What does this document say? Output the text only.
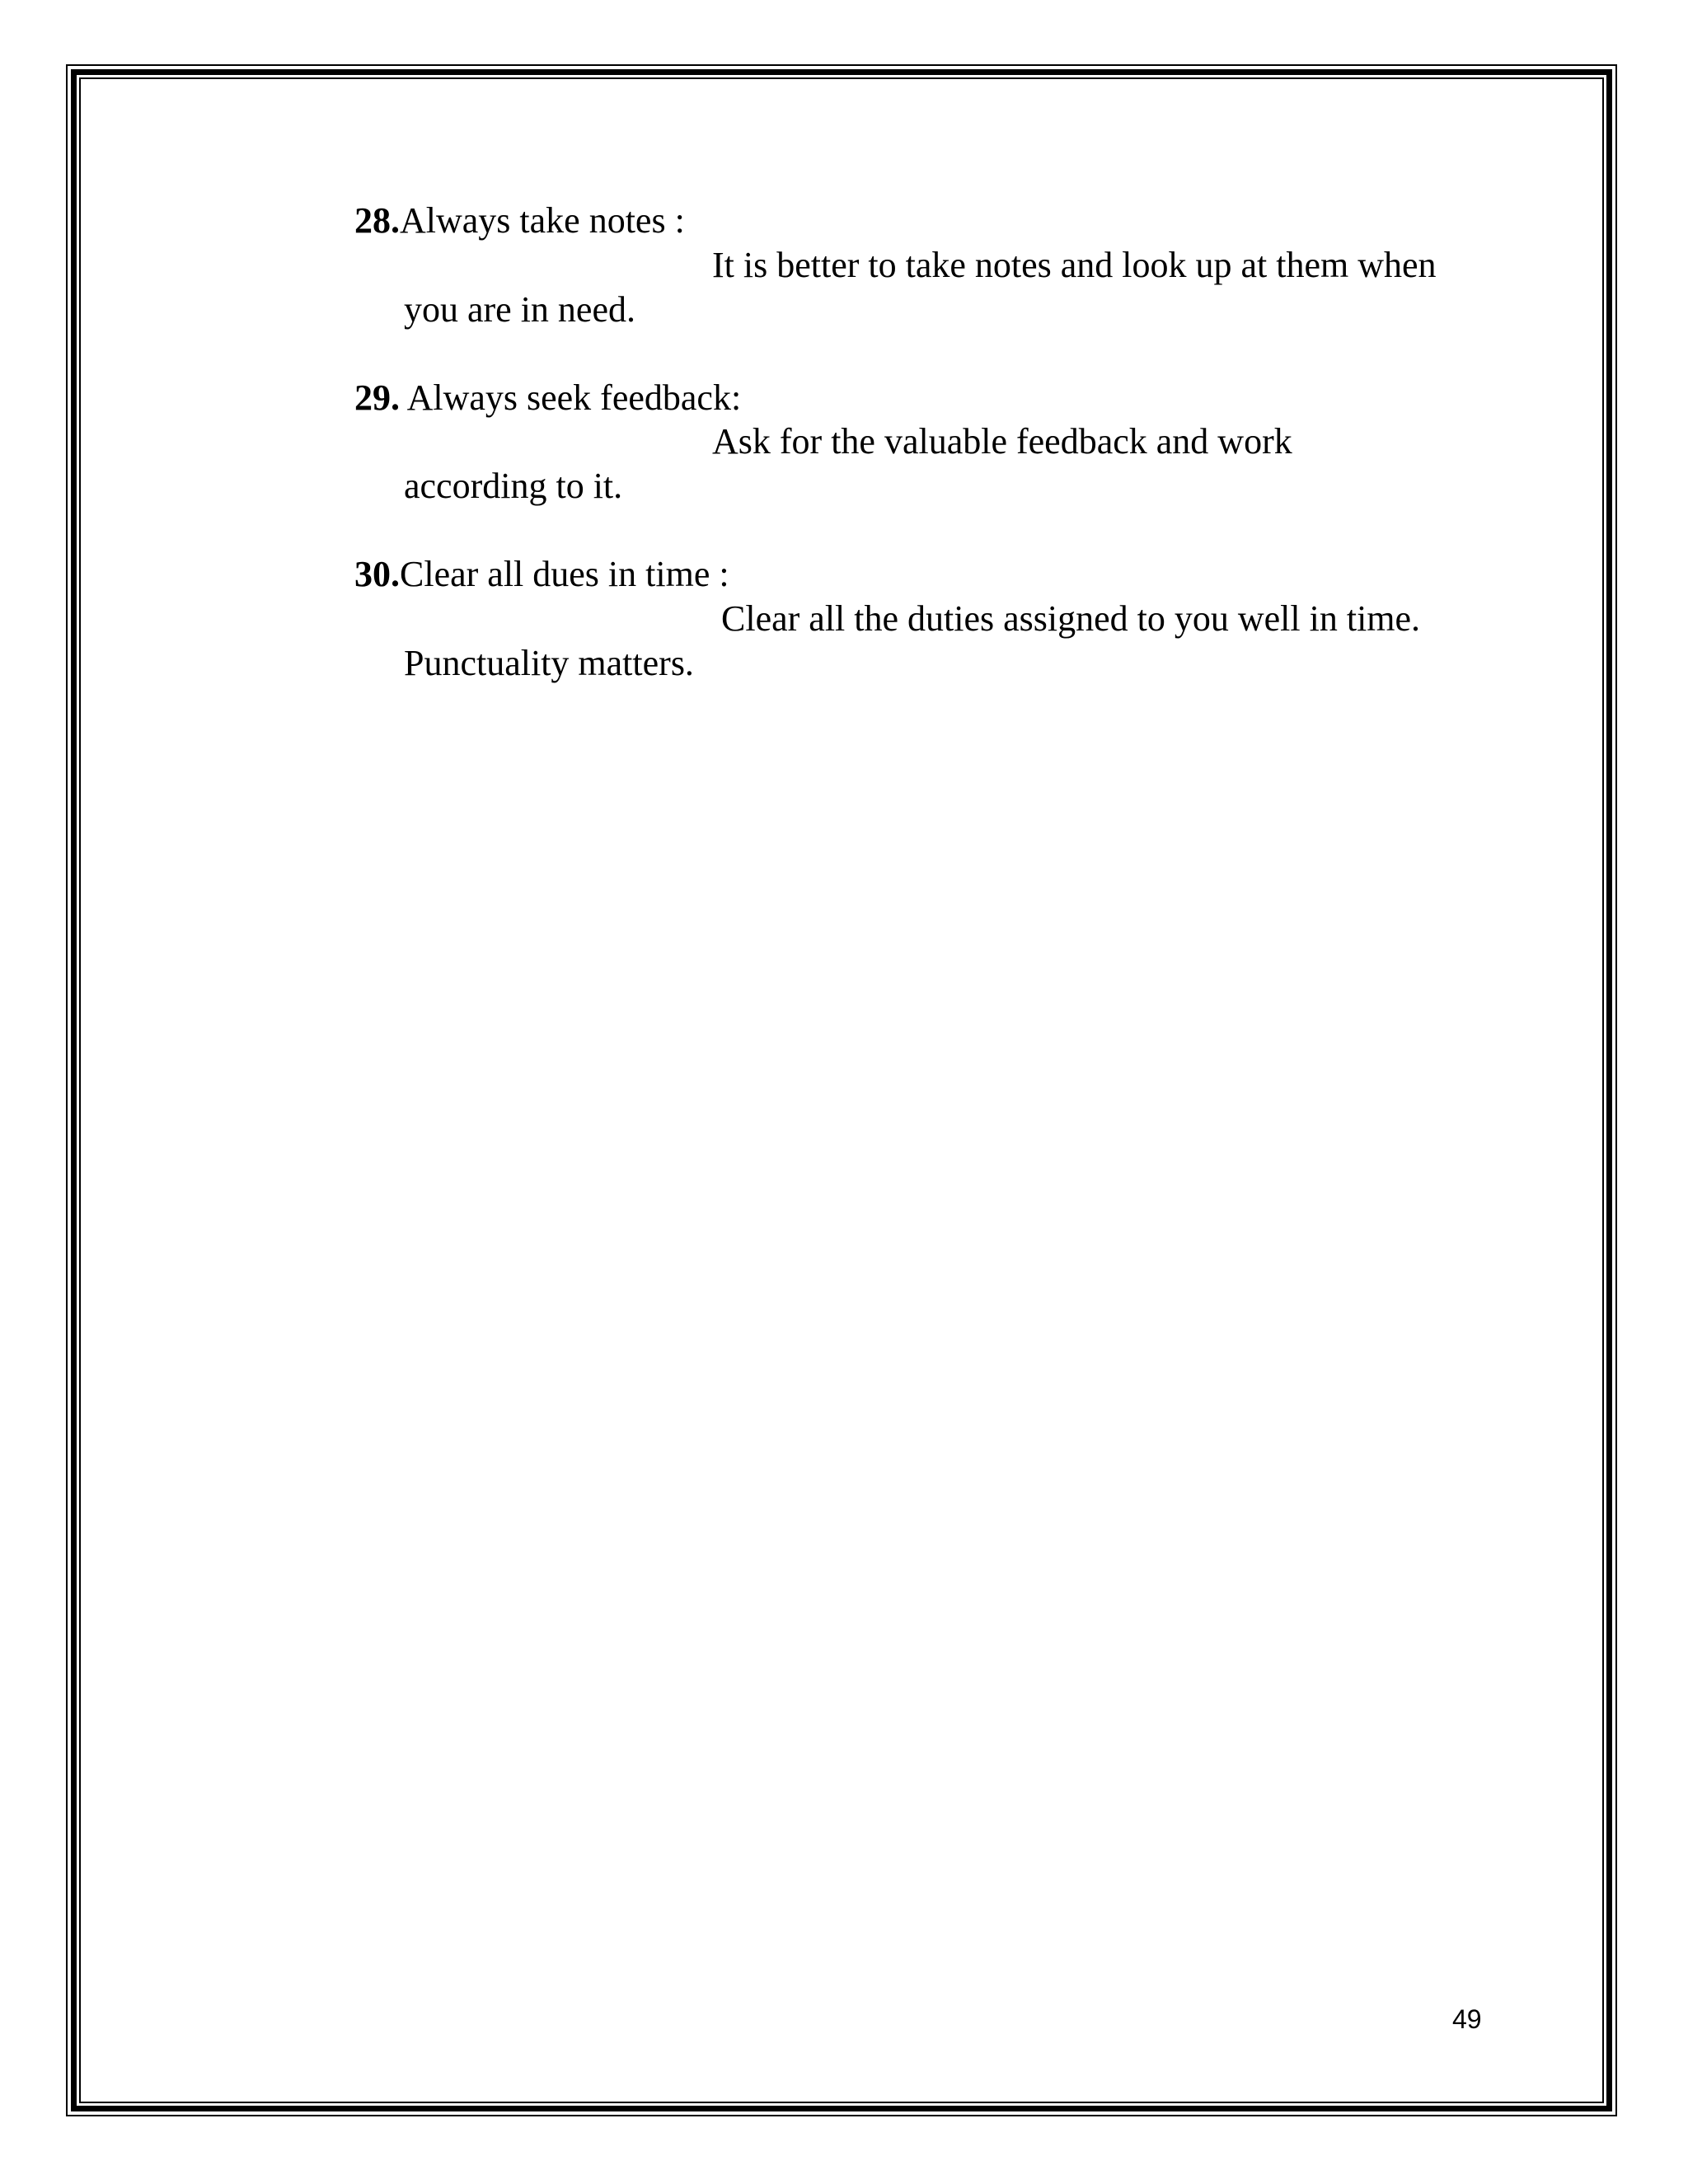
28.Always take notes :
It is better to take notes and look up at them when
you are in need.
29. Always seek feedback:
Ask for the valuable feedback and work
according to it.
30.Clear all dues in time :
Clear all the duties assigned to you well in time.
Punctuality matters.
49
